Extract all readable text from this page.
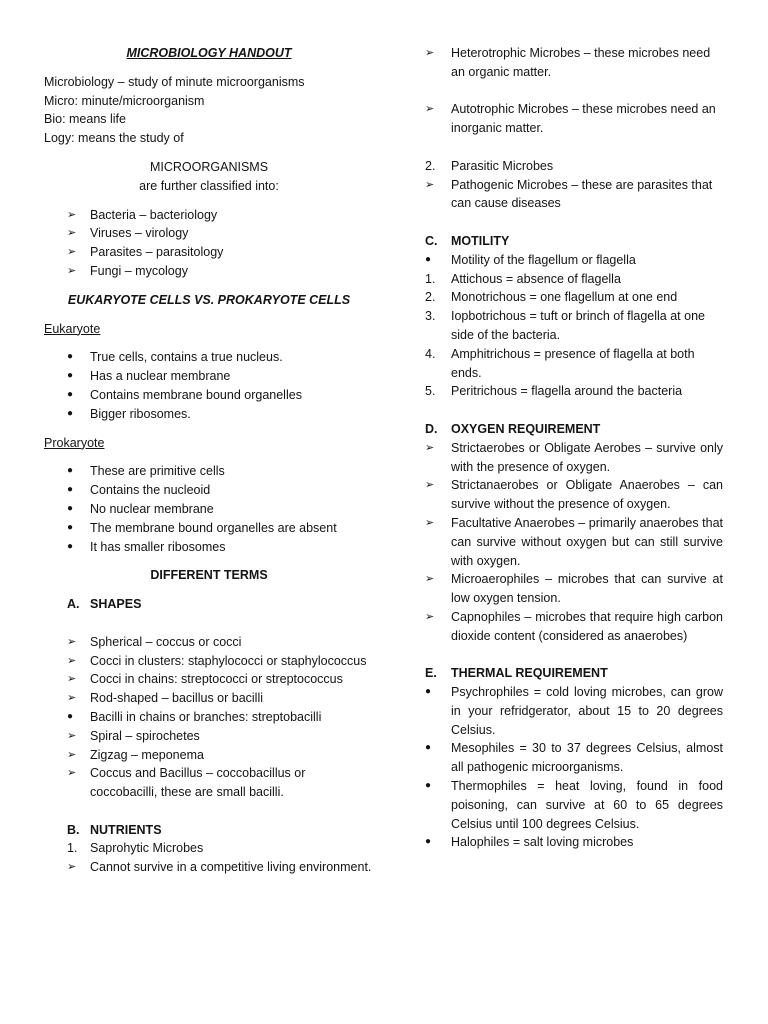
MICROBIOLOGY HANDOUT

Microbiology – study of minute microorganisms

Micro: minute/microorganism

Bio: means life

Logy: means the study of

MICROORGANISMS

are further classified into:

➢ Bacteria – bacteriology
➢ Viruses – virology
➢ Parasites – parasitology
➢ Fungi – mycology

EUKARYOTE CELLS VS. PROKARYOTE CELLS

Eukaryote

● True cells, contains a true nucleus.
● Has a nuclear membrane
● Contains membrane bound organelles
● Bigger ribosomes.

Prokaryote

● These are primitive cells
● Contains the nucleoid
● No nuclear membrane
● The membrane bound organelles are absent
● It has smaller ribosomes

DIFFERENT TERMS

A. SHAPES
➢ Spherical – coccus or cocci
➢ Cocci in clusters: staphylococci or staphylococcus
➢ Cocci in chains: streptococci or streptococcus
➢ Rod-shaped – bacillus or bacilli
● Bacilli in chains or branches: streptobacilli
➢ Spiral – spirochetes
➢ Zigzag – meponema
➢ Coccus and Bacillus – coccobacillus or coccobacilli, these are small bacilli.
B. NUTRIENTS
1. Saprohytic Microbes
➢ Cannot survive in a competitive living environment.
➢ Heterotrophic Microbes – these microbes need an organic matter.
➢ Autotrophic Microbes – these microbes need an inorganic matter.
2. Parasitic Microbes
➢ Pathogenic Microbes – these are parasites that can cause diseases
C. MOTILITY
● Motility of the flagellum or flagella
1. Attichous = absence of flagella
2. Monotrichous = one flagellum at one end
3. Iopbotrichous = tuft or brinch of flagella at one side of the bacteria.
4. Amphitrichous = presence of flagella at both ends.
5. Peritrichous = flagella around the bacteria
D. OXYGEN REQUIREMENT
➢ Strictaerobes or Obligate Aerobes – survive only with the presence of oxygen.
➢ Strictanaerobes or Obligate Anaerobes – can survive without the presence of oxygen.
➢ Facultative Anaerobes – primarily anaerobes that can survive without oxygen but can still survive with oxygen.
➢ Microaerophiles – microbes that can survive at low oxygen tension.
➢ Capnophiles – microbes that require high carbon dioxide content (considered as anaerobes)
E. THERMAL REQUIREMENT
● Psychrophiles = cold loving microbes, can grow in your refridgerator, about 15 to 20 degrees Celsius.
● Mesophiles = 30 to 37 degrees Celsius, almost all pathogenic microorganisms.
● Thermophiles = heat loving, found in food poisoning, can survive at 60 to 65 degrees Celsius until 100 degrees Celsius.
● Halophiles = salt loving microbes
